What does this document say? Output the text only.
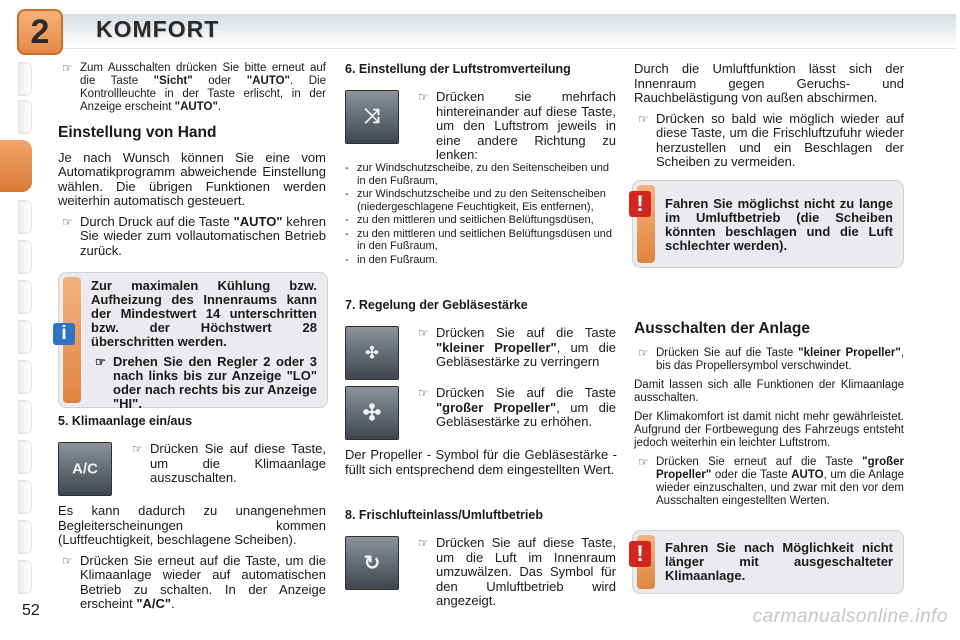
2	KOMFORT
☞ Zum Ausschalten drücken Sie bitte erneut auf die Taste "Sicht" oder "AUTO". Die Kontrollleuchte in der Taste erlischt, in der Anzeige erscheint "AUTO".
Einstellung von Hand

Je nach Wunsch können Sie eine vom Automatikprogramm abweichende Einstellung wählen. Die übrigen Funktionen werden weiterhin automatisch gesteuert.

☞ Durch Druck auf die Taste "AUTO" kehren Sie wieder zum vollautomatischen Betrieb zurück.
i
Zur maximalen Kühlung bzw. Aufheizung des Innenraums kann der Mindestwert 14 unterschritten bzw. der Höchstwert 28 überschritten werden.
☞ Drehen Sie den Regler 2 oder 3 nach links bis zur Anzeige "LO" oder nach rechts bis zur Anzeige "HI".
5. Klimaanlage ein/aus
A/C
☞ Drücken Sie auf diese Taste, um die Klimaanlage auszuschalten.

Es kann dadurch zu unangenehmen Begleiterscheinungen kommen (Luftfeuchtigkeit, beschlagene Scheiben).

☞ Drücken Sie erneut auf die Taste, um die Klimaanlage wieder auf automatischen Betrieb zu schalten. In der Anzeige erscheint "A/C".
6. Einstellung der Luftstromverteilung
⤨
☞ Drücken sie mehrfach hintereinander auf diese Taste, um den Luftstrom jeweils in eine andere Richtung zu lenken:
- zur Windschutzscheibe, zu den Seitenscheiben und in den Fußraum,
- zur Windschutzscheibe und zu den Seitenscheiben (niedergeschlagene Feuchtigkeit, Eis entfernen),
- zu den mittleren und seitlichen Belüftungsdüsen,
- zu den mittleren und seitlichen Belüftungsdüsen und in den Fußraum,
- in den Fußraum.
7. Regelung der Gebläsestärke
✣
☞ Drücken Sie auf die Taste "kleiner Propeller", um die Gebläsestärke zu verringern
✣
☞ Drücken Sie auf die Taste "großer Propeller", um die Gebläsestärke zu erhöhen.

Der Propeller - Symbol für die Gebläsestärke - füllt sich entsprechend dem eingestellten Wert.

8. Frischlufteinlass/Umluftbetrieb
↻
☞ Drücken Sie auf diese Taste, um die Luft im Innenraum umzuwälzen. Das Symbol für den Umluftbetrieb wird angezeigt.

Durch die Umluftfunktion lässt sich der Innenraum gegen Geruchs- und Rauchbelästigung von außen abschirmen.

☞ Drücken so bald wie möglich wieder auf diese Taste, um die Frischluftzufuhr wieder herzustellen und ein Beschlagen der Scheiben zu vermeiden.
!	Fahren Sie möglichst nicht zu lange im Umluftbetrieb (die Scheiben könnten beschlagen und die Luft schlechter werden).
Ausschalten der Anlage
☞ Drücken Sie auf die Taste "kleiner Propeller", bis das Propellersymbol verschwindet.

Damit lassen sich alle Funktionen der Klimaanlage ausschalten.

Der Klimakomfort ist damit nicht mehr gewährleistet. Aufgrund der Fortbewegung des Fahrzeugs entsteht jedoch weiterhin ein leichter Luftstrom.

☞ Drücken Sie erneut auf die Taste "großer Propeller" oder die Taste AUTO, um die Anlage wieder einzuschalten, und zwar mit den vor dem Ausschalten eingestellten Werten.
!	Fahren Sie nach Möglichkeit nicht länger mit ausgeschalteter Klimaanlage.
52	carmanualsonline.info
